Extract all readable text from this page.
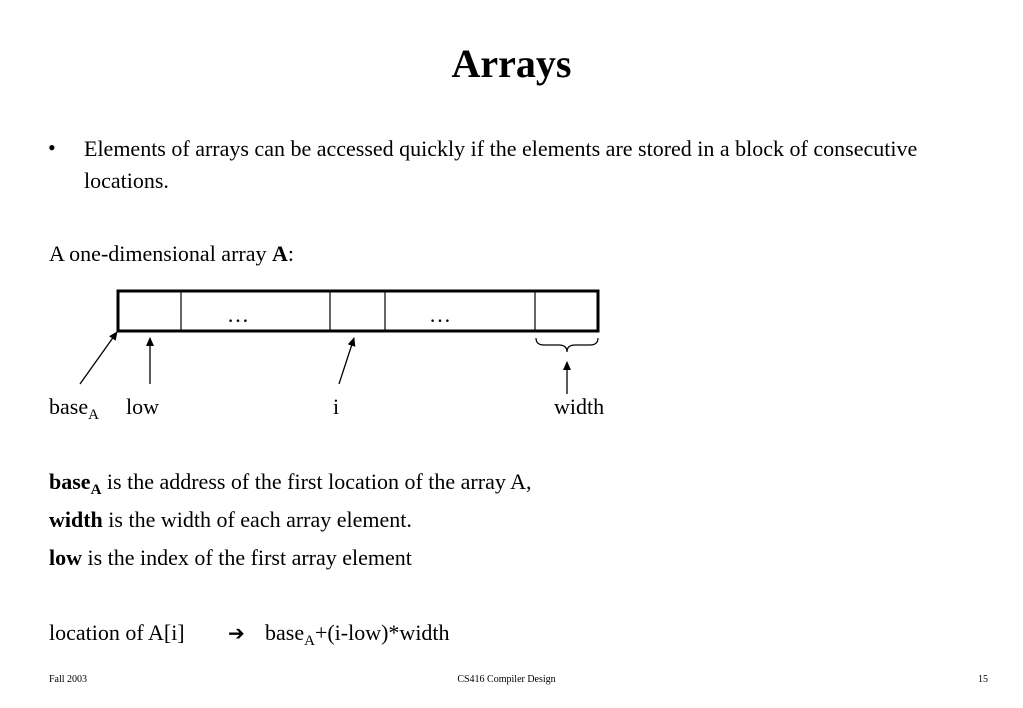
Arrays
• Elements of arrays can be accessed quickly if the elements are stored in a block of consecutive locations.
A one-dimensional array A:
…	…
base$_A$ low	i	width
base$_A$ is the address of the first location of the array A,
width is the width of each array element.
low is the index of the first array element
location of A[i] ➔ base$_A$+(i-low)*width
Fall 2003	CS416 Compiler Design	15
